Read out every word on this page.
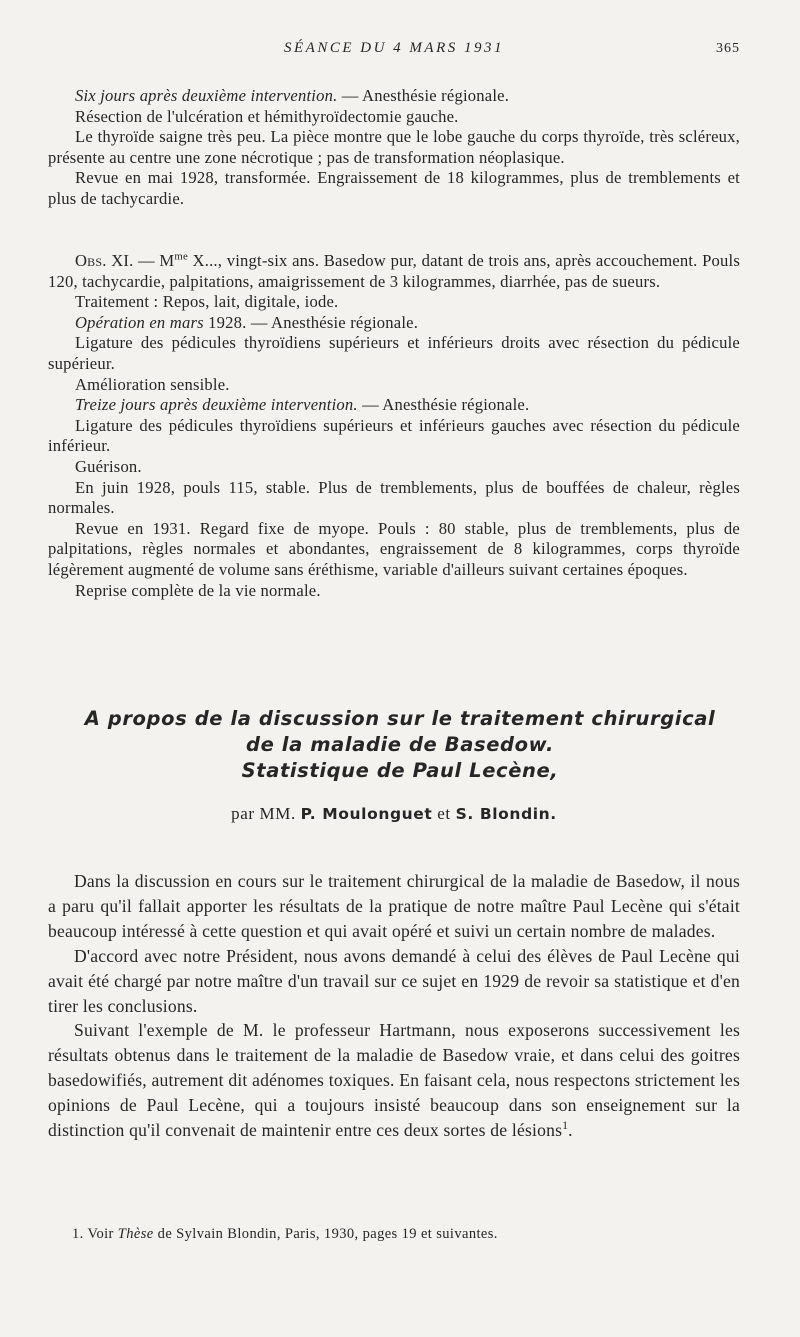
SÉANCE DU 4 MARS 1931	365

Six jours après deuxième intervention. — Anesthésie régionale.

Résection de l'ulcération et hémithyroïdectomie gauche.

Le thyroïde saigne très peu. La pièce montre que le lobe gauche du corps thyroïde, très scléreux, présente au centre une zone nécrotique ; pas de transformation néoplasique.

Revue en mai 1928, transformée. Engraissement de 18 kilogrammes, plus de tremblements et plus de tachycardie.

Obs. XI. — $M^{me}$ X..., vingt-six ans. Basedow pur, datant de trois ans, après accouchement. Pouls 120, tachycardie, palpitations, amaigrissement de 3 kilogrammes, diarrhée, pas de sueurs.

Traitement : Repos, lait, digitale, iode.

Opération en mars 1928. — Anesthésie régionale.

Ligature des pédicules thyroïdiens supérieurs et inférieurs droits avec résection du pédicule supérieur.

Amélioration sensible.

Treize jours après deuxième intervention. — Anesthésie régionale.

Ligature des pédicules thyroïdiens supérieurs et inférieurs gauches avec résection du pédicule inférieur.

Guérison.

En juin 1928, pouls 115, stable. Plus de tremblements, plus de bouffées de chaleur, règles normales.

Revue en 1931. Regard fixe de myope. Pouls : 80 stable, plus de tremblements, plus de palpitations, règles normales et abondantes, engraissement de 8 kilogrammes, corps thyroïde légèrement augmenté de volume sans éréthisme, variable d'ailleurs suivant certaines époques.

Reprise complète de la vie normale.

A propos de la discussion sur le traitement chirurgical
de la maladie de Basedow.
Statistique de Paul Lecène,
par MM. P. Moulonguet et S. Blondin.

Dans la discussion en cours sur le traitement chirurgical de la maladie de Basedow, il nous a paru qu'il fallait apporter les résultats de la pratique de notre maître Paul Lecène qui s'était beaucoup intéressé à cette question et qui avait opéré et suivi un certain nombre de malades.

D'accord avec notre Président, nous avons demandé à celui des élèves de Paul Lecène qui avait été chargé par notre maître d'un travail sur ce sujet en 1929 de revoir sa statistique et d'en tirer les conclusions.

Suivant l'exemple de M. le professeur Hartmann, nous exposerons successivement les résultats obtenus dans le traitement de la maladie de Basedow vraie, et dans celui des goitres basedowifiés, autrement dit adénomes toxiques. En faisant cela, nous respectons strictement les opinions de Paul Lecène, qui a toujours insisté beaucoup dans son enseignement sur la distinction qu'il convenait de maintenir entre ces deux sortes de lésions$^1$.

1. Voir Thèse de Sylvain Blondin, Paris, 1930, pages 19 et suivantes.
